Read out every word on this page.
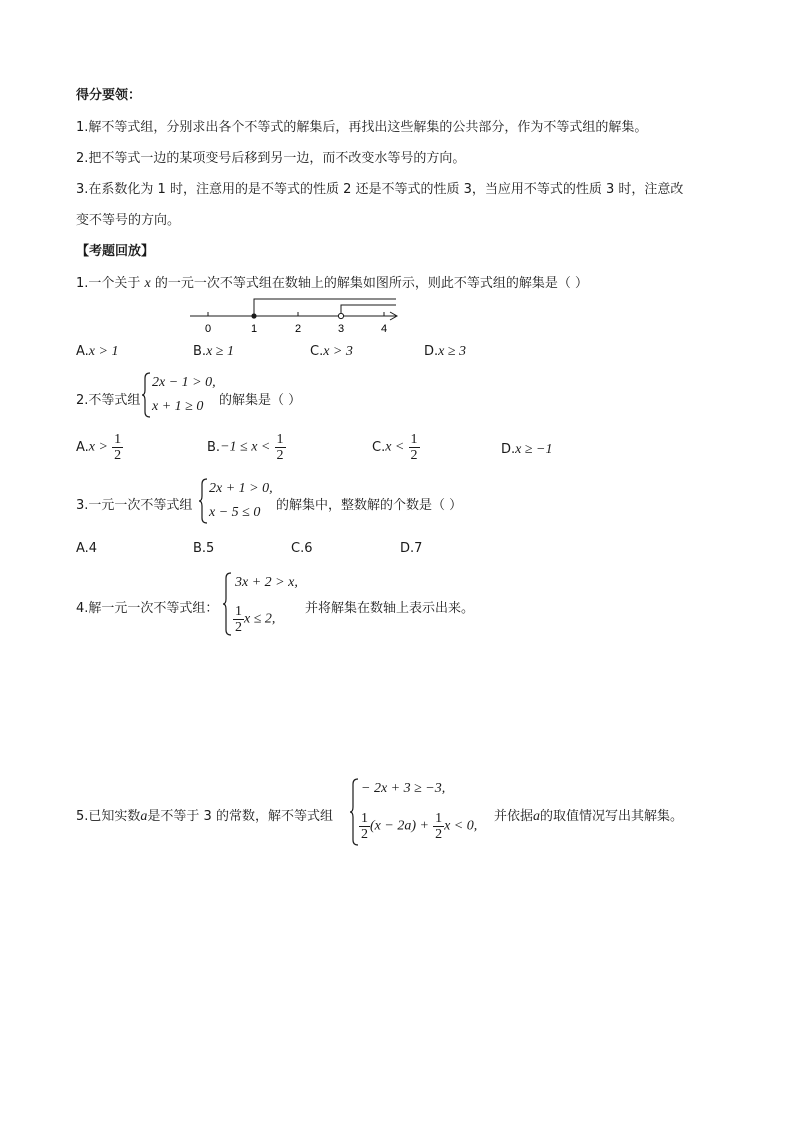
得分要领：
1.解不等式组，分别求出各个不等式的解集后，再找出这些解集的公共部分，作为不等式组的解集。
2.把不等式一边的某项变号后移到另一边，而不改变水等号的方向。
3.在系数化为 1 时，注意用的是不等式的性质 2 还是不等式的性质 3，当应用不等式的性质 3 时，注意改
变不等号的方向。
【考题回放】
1.一个关于 x 的一元一次不等式组在数轴上的解集如图所示，则此不等式组的解集是（ ）
0	1	2	3	4
A.x > 1	B.x ≥ 1	C.x > 3	D.x ≥ 3
2.不等式组
2x − 1 > 0,
x + 1 ≥ 0 的解集是（ ）
$A.x > \frac{1}{2}$	$B.-1 \le x < \frac{1}{2}$	$C.x < \frac{1}{2}$	D.x ≥ −1
3.一元一次不等式组
2x + 1 > 0,
x − 5 ≤ 0 的解集中，整数解的个数是（ ）
A.4	B.5	C.6	D.7
4.解一元一次不等式组：
3x + 2 > x,
$\frac{1}{2}$ x ≤ 2,
并将解集在数轴上表示出来。
5.已知实数a是不等于 3 的常数，解不等式组
− 2x + 3 ≥ −3,
$\frac{1}{2} (x - 2a) + \frac{1}{2}$ x < 0,
并依据a的取值情况写出其解集。
